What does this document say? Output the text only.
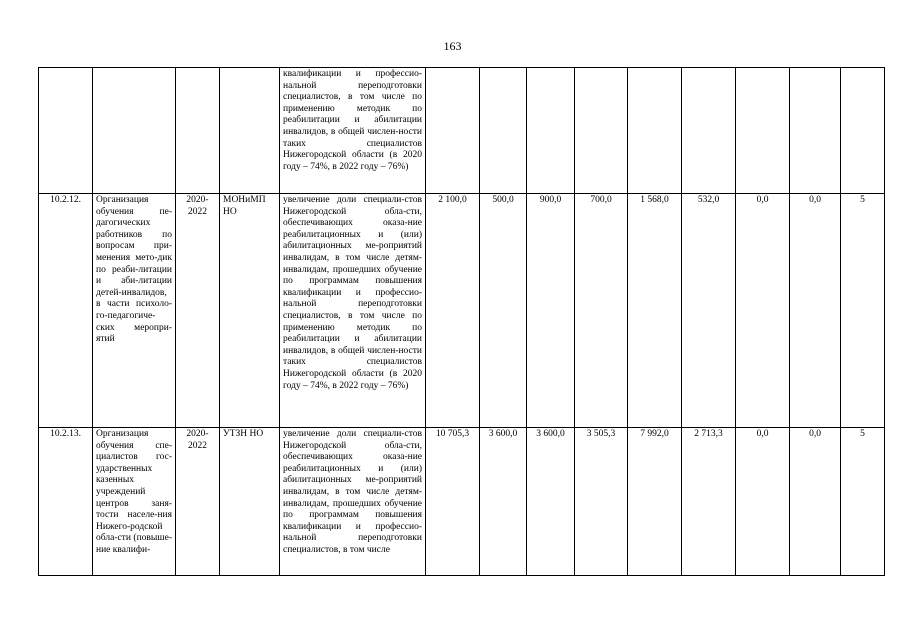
163
				квалификации и профессио-нальной переподготовки специалистов, в том числе по применению методик по реабилитации и абилитации инвалидов, в общей числен-ности таких специалистов Нижегородской области (в 2020 году – 74%, в 2022 году – 76%)									
10.2.12.	Организация обучения пе-дагогических работников по вопросам при-менения мето-дик по реаби-литации и аби-литации детей-инвалидов, в части психоло-го-педагогиче-ских меропри-ятий	2020-2022	МОНиМП НО	увеличение доли специали-стов Нижегородской обла-сти, обеспечивающих оказа-ние реабилитационных и (или) абилитационных ме-роприятий инвалидам, в том числе детям-инвалидам, прошедших обучение по программам повышения квалификации и профессио-нальной переподготовки специалистов, в том числе по применению методик по реабилитации и абилитации инвалидов, в общей числен-ности таких специалистов Нижегородской области (в 2020 году – 74%, в 2022 году – 76%)	2 100,0	500,0	900,0	700,0	1 568,0	532,0	0,0	0,0	5
10.2.13.	Организация обучения спе-циалистов гос-ударственных казенных учреждений центров заня-тости населе-ния Нижего-родской обла-сти (повыше-ние квалифи-	2020-2022	УТЗН НО	увеличение доли специали-стов Нижегородской обла-сти, обеспечивающих оказа-ние реабилитационных и (или) абилитационных ме-роприятий инвалидам, в том числе детям-инвалидам, прошедших обучение по программам повышения квалификации и профессио-нальной переподготовки специалистов, в том числе	10 705,3	3 600,0	3 600,0	3 505,3	7 992,0	2 713,3	0,0	0,0	5
